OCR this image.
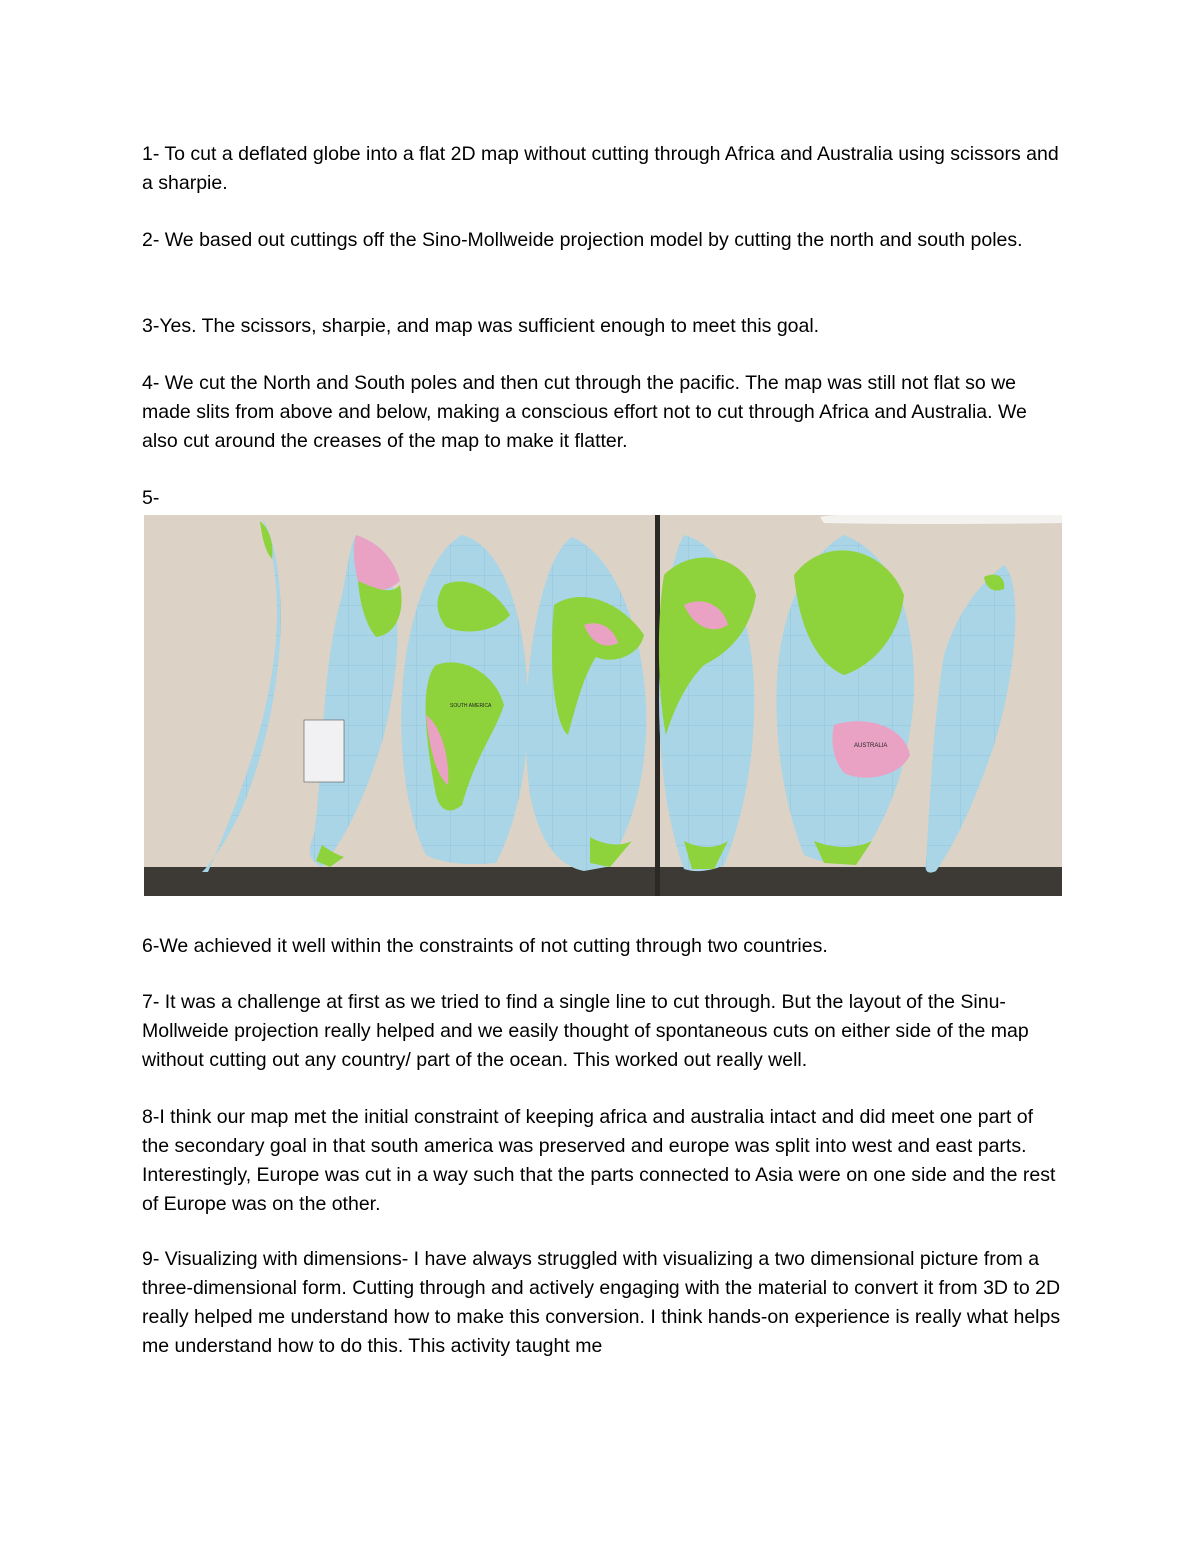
1- To cut a deflated globe into a flat 2D map without cutting through Africa and Australia using scissors and a sharpie.

2- We based out cuttings off the Sino-Mollweide projection model by cutting the north and south poles.

3-Yes. The scissors, sharpie, and map was sufficient enough to meet this goal.

4- We cut the North and South poles and then cut through the pacific. The map was still not flat so we made slits from above and below, making a conscious effort not to cut through Africa and Australia. We also cut around the creases of the map to make it flatter.

5-

SOUTH AMERICA
AUSTRALIA

6-We achieved it well within the constraints of not cutting through two countries.

7- It was a challenge at first as we tried to find a single line to cut through. But the layout of the Sinu-Mollweide projection really helped and we easily thought of spontaneous cuts on either side of the map without cutting out any country/ part of the ocean. This worked out really well.

8-I think our map met the initial constraint of keeping africa and australia intact and did meet one part of the secondary goal in that south america was preserved and europe was split into west and east parts. Interestingly, Europe was cut in a way such that the parts connected to Asia were on one side and the rest of Europe was on the other.

9- Visualizing with dimensions- I have always struggled with visualizing a two dimensional picture from a three-dimensional form. Cutting through and actively engaging with the material to convert it from 3D to 2D really helped me understand how to make this conversion. I think hands-on experience is really what helps me understand how to do this. This activity taught me
